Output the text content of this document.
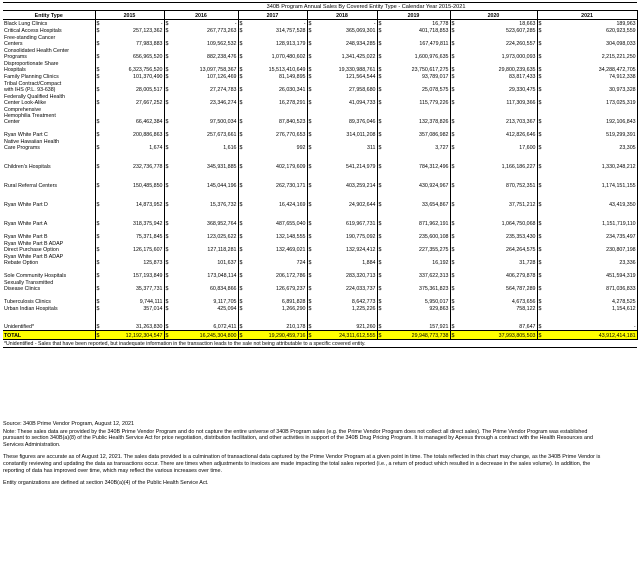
	340B Program Annual Sales By Covered Entity Type - Calendar Year 2015-2021													
Entity Type	2015		2016		2017		2018		2019		2020		2021	

Black Lung Clinics	$	-	$	-	$	-	$	-	$	16,778	$	18,663	$	189,963

Critical Access Hospitals	$	257,123,362	$	267,773,263	$	314,757,528	$	365,069,301	$	401,718,853	$	523,607,285	$	620,923,559

Free-standing Cancer
Centers	$	77,983,883	$	109,562,532	$	128,913,179	$	248,934,285	$	167,479,811	$	224,260,557	$	304,098,033

Consolidated Health Center
Programs	$	656,965,520	$	882,238,476	$	1,070,480,602	$	1,341,425,022	$	1,600,976,635	$	1,973,000,093	$	2,215,221,250

Disproportionate Share
Hospitals	$	6,323,756,520	$	13,097,758,367	$	15,513,410,649	$	19,330,988,761	$	23,750,617,275	$	29,800,239,635	$	34,288,472,705

Family Planning Clinics	$	101,370,490	$	107,126,469	$	81,149,895	$	121,564,544	$	93,789,017	$	83,817,433	$	74,912,338

Tribal Contract/Compact
with IHS (P.L. 93-638)	$	28,005,517	$	27,274,783	$	26,030,341	$	27,958,680	$	25,078,575	$	29,330,475	$	30,973,328

Federally Qualified Health
Center Look-Alike	$	27,667,252	$	23,346,274	$	16,278,291	$	41,094,733	$	115,779,226	$	117,309,366	$	173,025,319

Comprehensive
Hemophilia Treatment
Center	$	66,462,384	$	97,500,034	$	87,840,523	$	89,376,046	$	132,378,826	$	213,703,367	$	192,106,843

Ryan White Part C	$	200,886,863	$	257,673,661	$	276,770,653	$	314,011,208	$	357,086,982	$	412,826,646	$	519,299,391

Native Hawaiian Health
Care Programs	$	1,674	$	1,616	$	992	$	311	$	3,727	$	17,600	$	23,305

Children's Hospitals	$	232,736,778	$	345,931,885	$	402,179,609	$	541,214,979	$	784,312,496	$	1,166,186,227	$	1,330,248,212

Rural Referral Centers	$	150,485,850	$	145,044,196	$	262,730,171	$	403,259,214	$	430,924,967	$	870,752,351	$	1,174,151,155

Ryan White Part D	$	14,873,952	$	15,376,732	$	16,424,169	$	24,902,644	$	33,654,867	$	37,751,212	$	43,419,350

Ryan White Part A	$	318,375,942	$	368,952,764	$	487,655,040	$	619,967,731	$	871,962,191	$	1,064,750,068	$	1,151,719,110

Ryan White Part B	$	75,371,845	$	123,025,622	$	132,148,555	$	190,775,092	$	235,600,108	$	235,353,430	$	234,735,497

Ryan White Part B ADAP
Direct Purchase Option	$	126,175,607	$	127,118,281	$	132,469,021	$	132,924,412	$	227,355,275	$	264,264,575	$	230,807,198

Ryan White Part B ADAP
Rebate Option	$	125,873	$	101,637	$	724	$	1,884	$	16,192	$	31,728	$	23,336

Sole Community Hospitals	$	157,193,849	$	173,048,114	$	206,172,786	$	283,320,713	$	337,622,313	$	406,279,878	$	451,594,319

Sexually Transmitted
Disease Clinics	$	35,377,731	$	60,834,866	$	126,679,237	$	224,033,737	$	375,361,823	$	564,787,289	$	871,036,833

Tuberculosis Clinics	$	9,744,111	$	9,117,705	$	6,891,828	$	8,642,773	$	5,950,017	$	4,673,656	$	4,278,525

Urban Indian Hospitals	$	357,014	$	425,094	$	1,266,290	$	1,225,226	$	929,863	$	758,122	$	1,154,612

Unidentified*	$	31,263,830	$	6,072,411	$	210,178	$	921,260	$	157,921	$	87,647	$	-
TOTAL	$	12,192,304,547	$	16,245,304,800	$	19,290,459,716	$	24,311,612,555	$	29,948,773,738	$	37,993,805,503	$	43,912,414,181
*Unidentified - Sales that have been reported, but inadequate information in the transaction leads to the sale not being attributable to a specific covered entity.														

Source: 340B Prime Vendor Program, August 12, 2021

Note: These sales data are provided by the 340B Prime Vendor Program and do not capture the entire universe of 340B Program sales (e.g. the Prime Vendor Program does not collect all direct sales). The Prime Vendor Program was established pursuant to section 340B(a)(8) of the Public Health Service Act for price negotiation, distribution facilitation, and other activities in support of the 340B Drug Pricing Program. It is managed by Apexus through a contract with the Health Resources and Services Administration.

These figures are accurate as of August 12, 2021. The sales data provided is a culmination of transactional data captured by the Prime Vendor Program at a given point in time. The totals reflected in this chart may change, as the 340B Prime Vendor is constantly reviewing and updating the data as transactions occur. There are times when adjustments to invoices are made impacting the total sales reported (i.e., a return of product which resulted in a decrease in the sales volume). In addition, the reporting of data has improved over time, which may reflect the various increases over time.

Entity organizations are defined at section 340B(a)(4) of the Public Health Service Act.
